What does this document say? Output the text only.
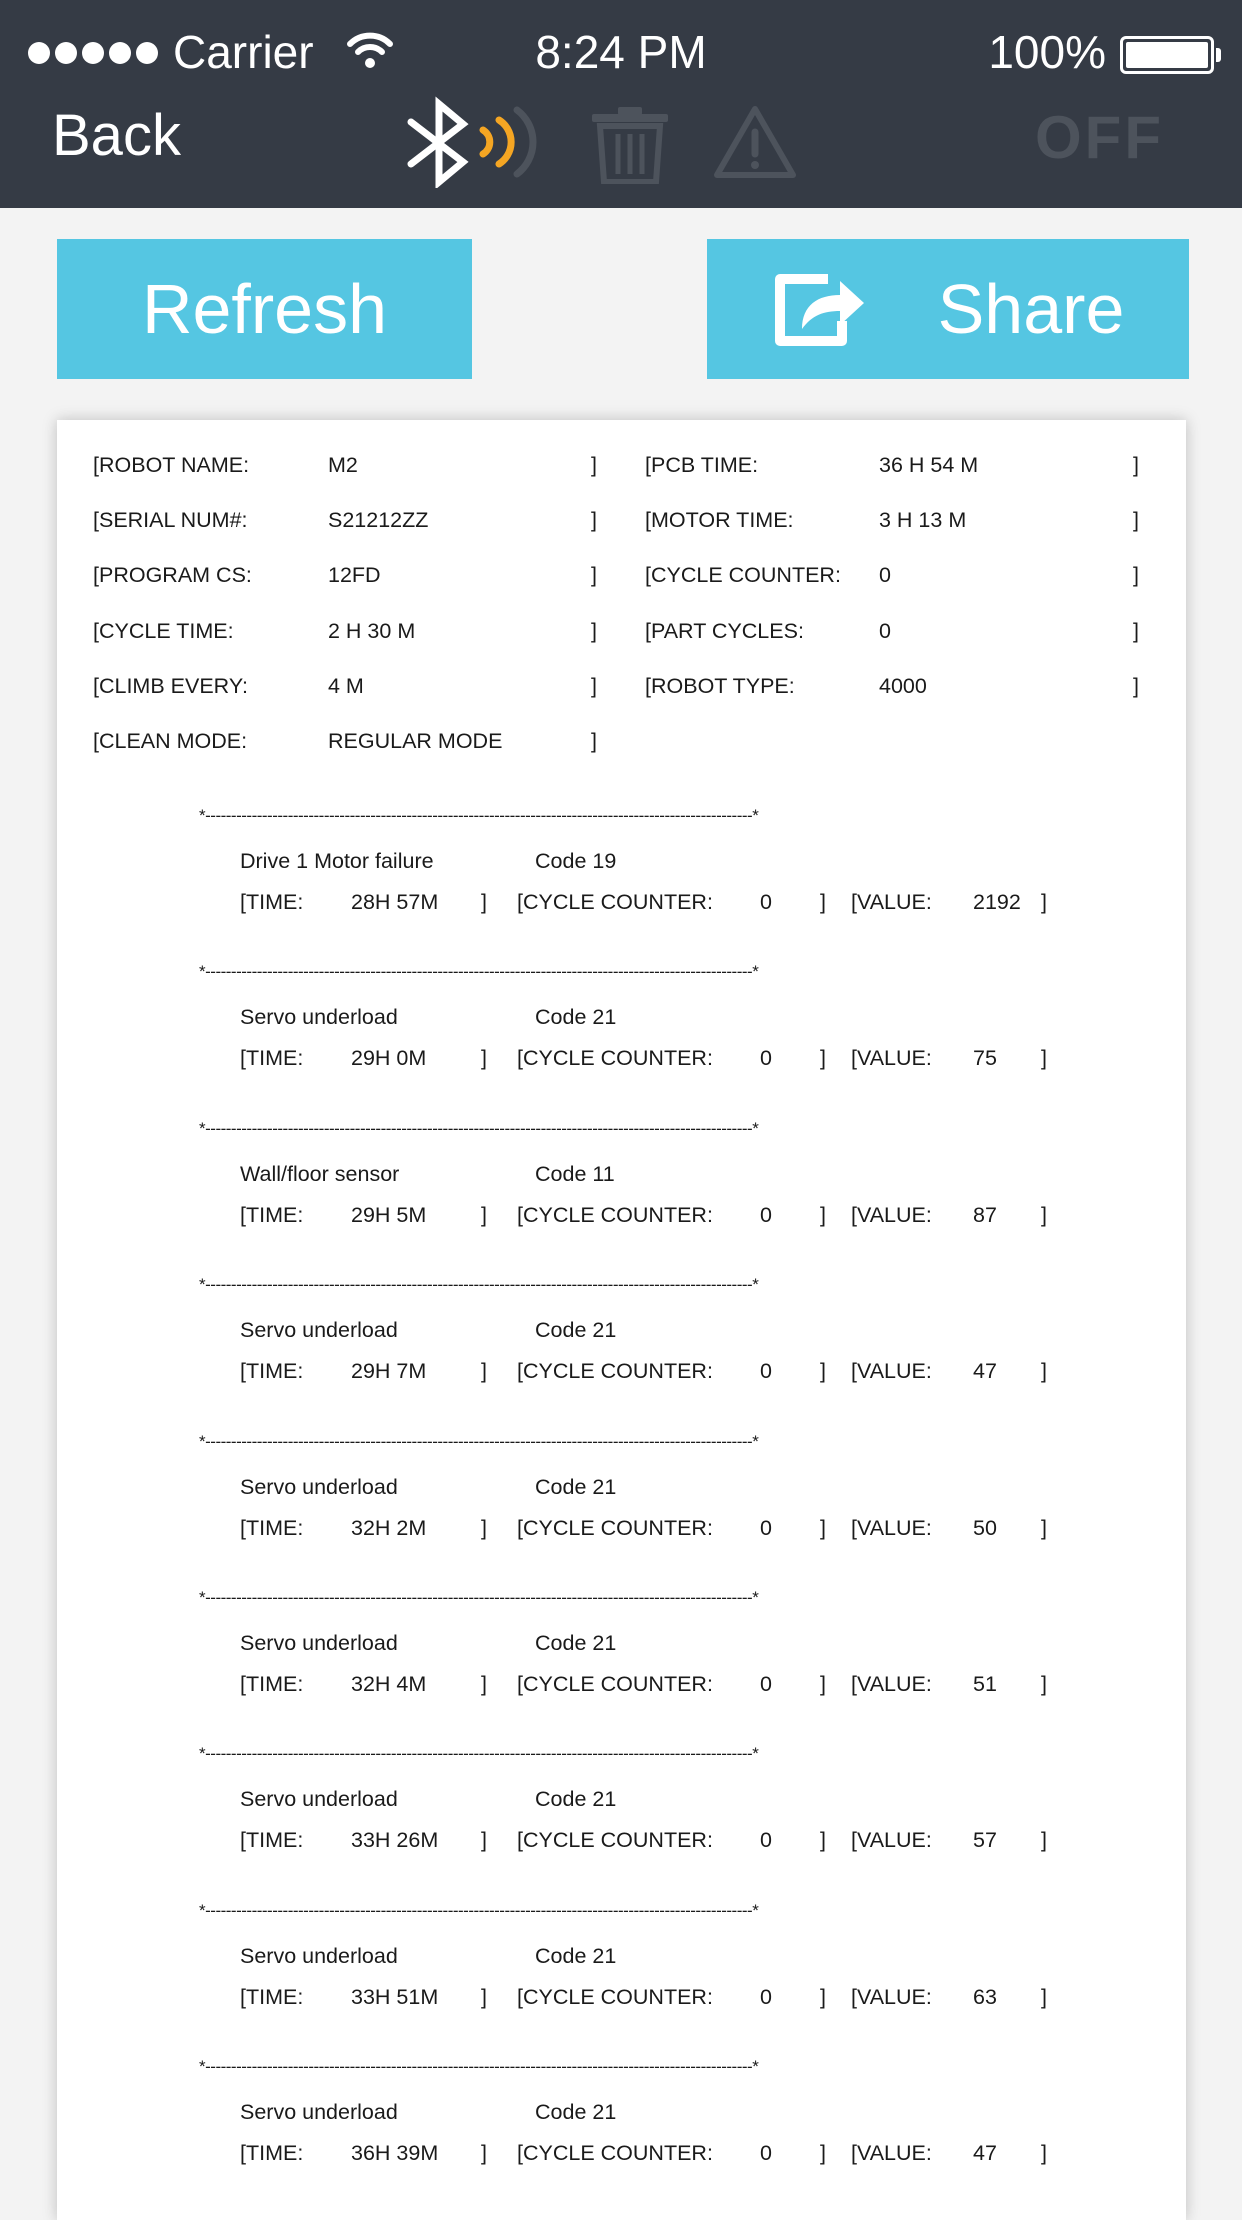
Carrier	8:24 PM	100%
Back	OFF
Refresh	Share
[ROBOT NAME:	M2	] [PCB TIME:	36 H 54 M	]
[SERIAL NUM#:	S21212ZZ	] [MOTOR TIME:	3 H 13 M	]
[PROGRAM CS:	12FD	] [CYCLE COUNTER: 0	]
[CYCLE TIME:	2 H 30 M	] [PART CYCLES:	0	]
[CLIMB EVERY:	4 M	] [ROBOT TYPE:	4000	]
[CLEAN MODE:	REGULAR MODE	]
*----------------------------------------------------------------------------------------------------------*
Drive 1 Motor failure	Code 19
[TIME: 28H 57M ] [CYCLE COUNTER: 0 ] [VALUE: 2192 ]
*----------------------------------------------------------------------------------------------------------*
Servo underload	Code 21
[TIME: 29H 0M	] [CYCLE COUNTER: 0 ] [VALUE: 75 ]
*----------------------------------------------------------------------------------------------------------*
Wall/floor sensor	Code 11
[TIME: 29H 5M	] [CYCLE COUNTER: 0 ] [VALUE: 87 ]
*----------------------------------------------------------------------------------------------------------*
Servo underload	Code 21
[TIME: 29H 7M	] [CYCLE COUNTER: 0 ] [VALUE: 47 ]
*----------------------------------------------------------------------------------------------------------*
Servo underload	Code 21
[TIME: 32H 2M	] [CYCLE COUNTER: 0 ] [VALUE: 50 ]
*----------------------------------------------------------------------------------------------------------*
Servo underload	Code 21
[TIME: 32H 4M	] [CYCLE COUNTER: 0 ] [VALUE: 51 ]
*----------------------------------------------------------------------------------------------------------*
Servo underload	Code 21
[TIME: 33H 26M ] [CYCLE COUNTER: 0 ] [VALUE: 57 ]
*----------------------------------------------------------------------------------------------------------*
Servo underload	Code 21
[TIME: 33H 51M ] [CYCLE COUNTER: 0 ] [VALUE: 63 ]
*----------------------------------------------------------------------------------------------------------*
Servo underload	Code 21
[TIME: 36H 39M ] [CYCLE COUNTER: 0 ] [VALUE: 47 ]
